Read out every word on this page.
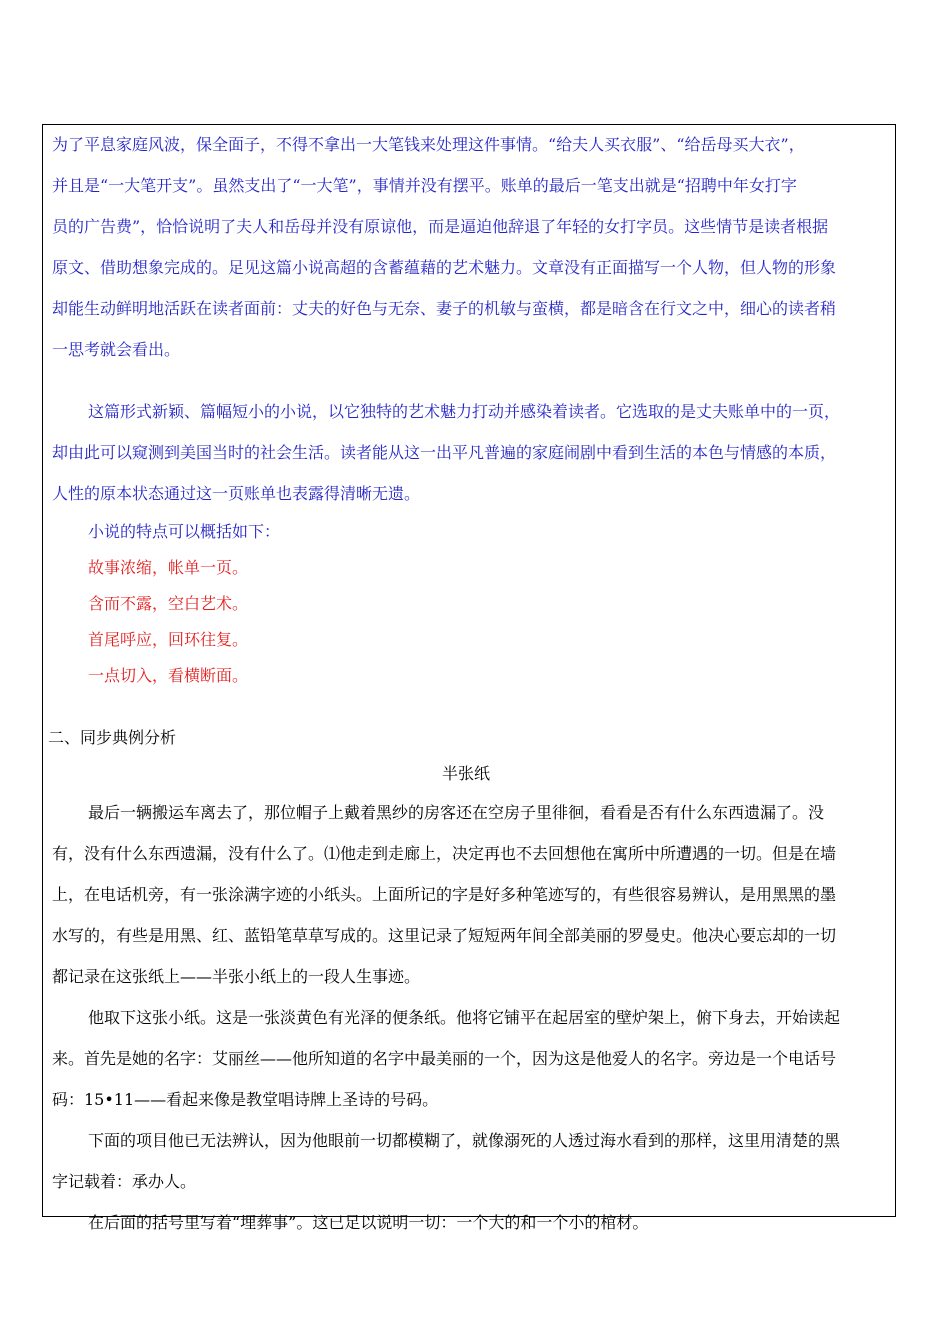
为了平息家庭风波，保全面子，不得不拿出一大笔钱来处理这件事情。“给夫人买衣服”、“给岳母买大衣”，
并且是“一大笔开支”。虽然支出了“一大笔”，事情并没有摆平。账单的最后一笔支出就是“招聘中年女打字
员的广告费”，恰恰说明了夫人和岳母并没有原谅他，而是逼迫他辞退了年轻的女打字员。这些情节是读者根据
原文、借助想象完成的。足见这篇小说高超的含蓄蕴藉的艺术魅力。文章没有正面描写一个人物，但人物的形象
却能生动鲜明地活跃在读者面前：丈夫的好色与无奈、妻子的机敏与蛮横，都是暗含在行文之中，细心的读者稍
一思考就会看出。
这篇形式新颖、篇幅短小的小说，以它独特的艺术魅力打动并感染着读者。它选取的是丈夫账单中的一页，
却由此可以窥测到美国当时的社会生活。读者能从这一出平凡普遍的家庭闹剧中看到生活的本色与情感的本质，
人性的原本状态通过这一页账单也表露得清晰无遗。
小说的特点可以概括如下：
故事浓缩，帐单一页。
含而不露，空白艺术。
首尾呼应，回环往复。
一点切入，看横断面。
二、同步典例分析
半张纸
最后一辆搬运车离去了，那位帽子上戴着黑纱的房客还在空房子里徘徊，看看是否有什么东西遗漏了。没
有，没有什么东西遗漏，没有什么了。⑴他走到走廊上，决定再也不去回想他在寓所中所遭遇的一切。但是在墙
上，在电话机旁，有一张涂满字迹的小纸头。上面所记的字是好多种笔迹写的，有些很容易辨认，是用黑黑的墨
水写的，有些是用黑、红、蓝铅笔草草写成的。这里记录了短短两年间全部美丽的罗曼史。他决心要忘却的一切
都记录在这张纸上——半张小纸上的一段人生事迹。
他取下这张小纸。这是一张淡黄色有光泽的便条纸。他将它铺平在起居室的壁炉架上，俯下身去，开始读起
来。首先是她的名字：艾丽丝——他所知道的名字中最美丽的一个，因为这是他爱人的名字。旁边是一个电话号
码：15•11——看起来像是教堂唱诗牌上圣诗的号码。
下面的项目他已无法辨认，因为他眼前一切都模糊了，就像溺死的人透过海水看到的那样，这里用清楚的黑
字记载着：承办人。
在后面的括号里写着“埋葬事”。这已足以说明一切：一个大的和一个小的棺材。
